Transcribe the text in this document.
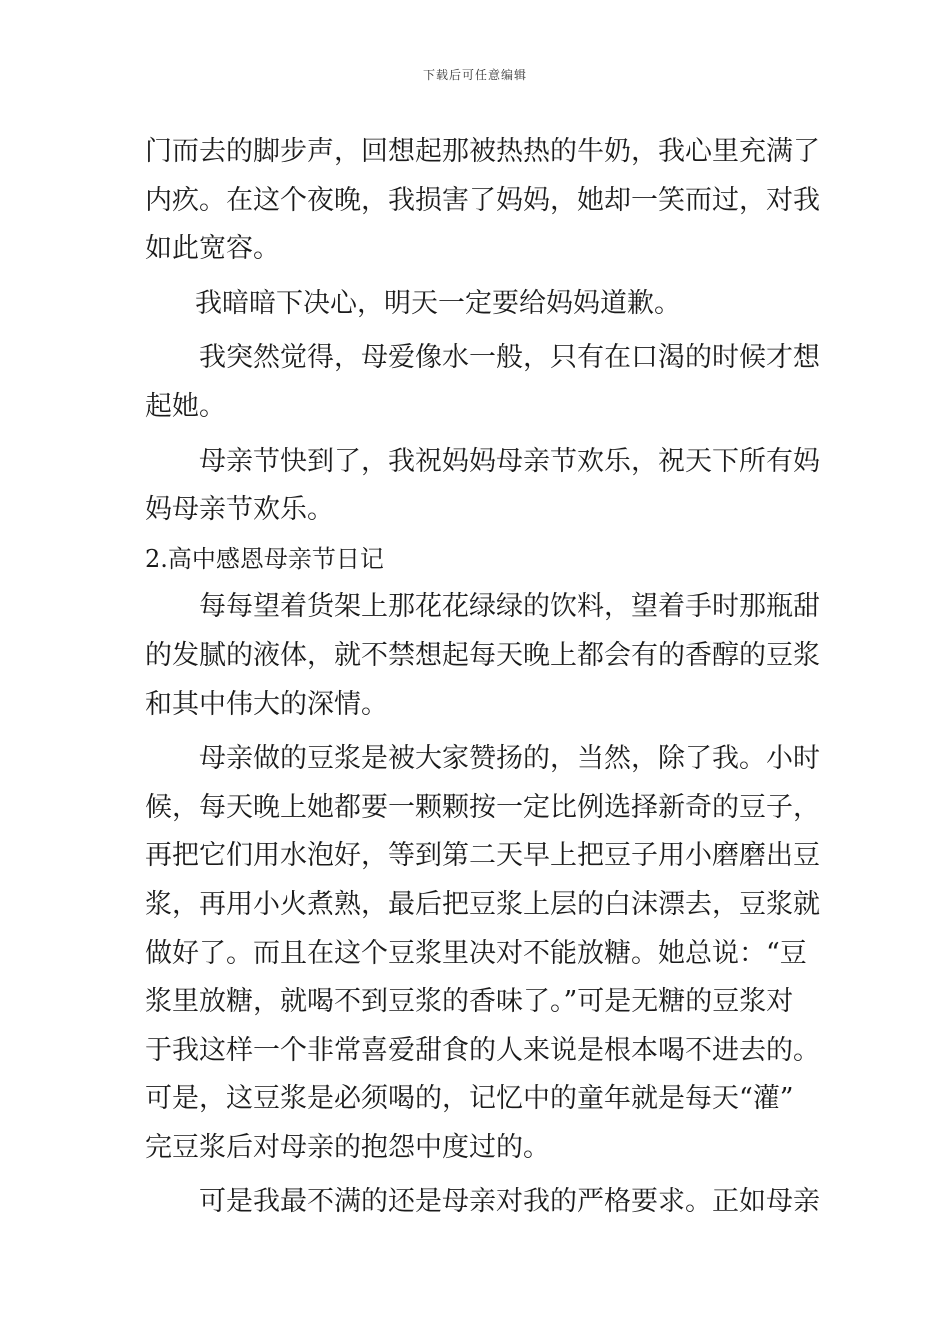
下载后可任意编辑
门而去的脚步声，回想起那被热热的牛奶，我心里充满了
内疚。在这个夜晚，我损害了妈妈，她却一笑而过，对我
如此宽容。
我暗暗下决心，明天一定要给妈妈道歉。
我突然觉得，母爱像水一般，只有在口渴的时候才想
起她。
母亲节快到了，我祝妈妈母亲节欢乐，祝天下所有妈
妈母亲节欢乐。
2.高中感恩母亲节日记
每每望着货架上那花花绿绿的饮料，望着手时那瓶甜
的发腻的液体，就不禁想起每天晚上都会有的香醇的豆浆
和其中伟大的深情。
母亲做的豆浆是被大家赞扬的，当然，除了我。小时
候，每天晚上她都要一颗颗按一定比例选择新奇的豆子，
再把它们用水泡好，等到第二天早上把豆子用小磨磨出豆
浆，再用小火煮熟，最后把豆浆上层的白沫漂去，豆浆就
做好了。而且在这个豆浆里决对不能放糖。她总说：“豆
浆里放糖，就喝不到豆浆的香味了。”可是无糖的豆浆对
于我这样一个非常喜爱甜食的人来说是根本喝不进去的。
可是，这豆浆是必须喝的，记忆中的童年就是每天“灌”
完豆浆后对母亲的抱怨中度过的。
可是我最不满的还是母亲对我的严格要求。正如母亲
